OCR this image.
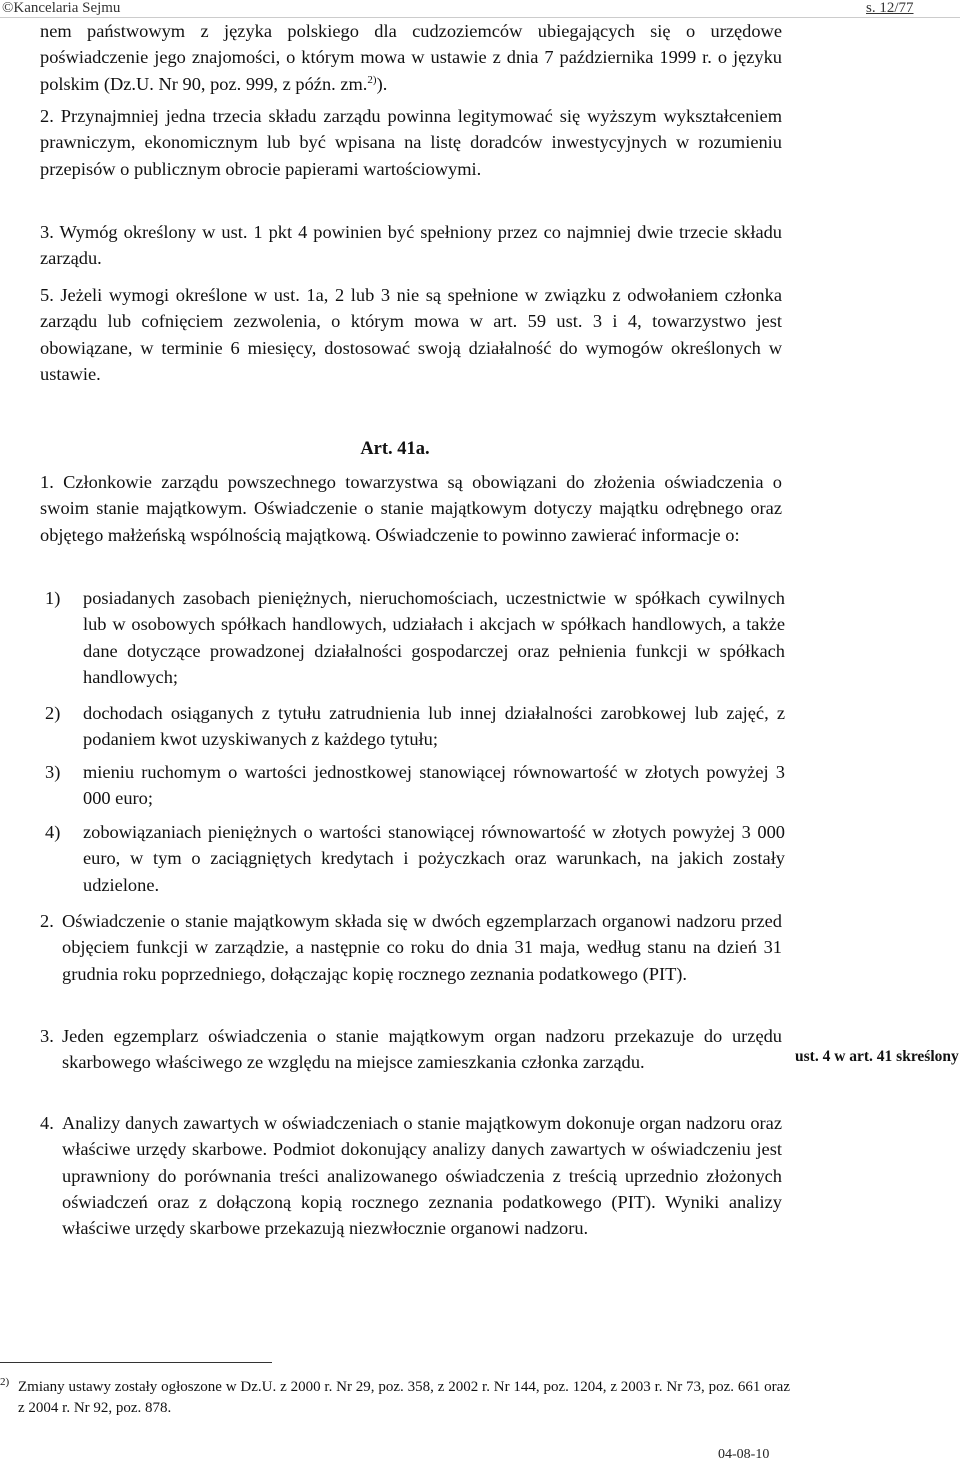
©Kancelaria Sejmu	s. 12/77

nem państwowym z języka polskiego dla cudzoziemców ubiegających się o urzędowe poświadczenie jego znajomości, o którym mowa w ustawie z dnia 7 października 1999 r. o języku polskim (Dz.U. Nr 90, poz. 999, z późn. zm.$^{2)}$).

2. Przynajmniej jedna trzecia składu zarządu powinna legitymować się wyższym wykształceniem prawniczym, ekonomicznym lub być wpisana na listę doradców inwestycyjnych w rozumieniu przepisów o publicznym obrocie papierami wartościowymi.

3. Wymóg określony w ust. 1 pkt 4 powinien być spełniony przez co najmniej dwie trzecie składu zarządu.

5. Jeżeli wymogi określone w ust. 1a, 2 lub 3 nie są spełnione w związku z odwołaniem członka zarządu lub cofnięciem zezwolenia, o którym mowa w art. 59 ust. 3 i 4, towarzystwo jest obowiązane, w terminie 6 miesięcy, dostosować swoją działalność do wymogów określonych w ustawie.

Art. 41a.
1. Członkowie zarządu powszechnego towarzystwa są obowiązani do złożenia oświadczenia o swoim stanie majątkowym. Oświadczenie o stanie majątkowym dotyczy majątku odrębnego oraz objętego małżeńską wspólnością majątkową. Oświadczenie to powinno zawierać informacje o:
1) posiadanych zasobach pieniężnych, nieruchomościach, uczestnictwie w spółkach cywilnych lub w osobowych spółkach handlowych, udziałach i akcjach w spółkach handlowych, a także dane dotyczące prowadzonej działalności gospodarczej oraz pełnienia funkcji w spółkach handlowych;
2) dochodach osiąganych z tytułu zatrudnienia lub innej działalności zarobkowej lub zajęć, z podaniem kwot uzyskiwanych z każdego tytułu;
3) mieniu ruchomym o wartości jednostkowej stanowiącej równowartość w złotych powyżej 3 000 euro;
4) zobowiązaniach pieniężnych o wartości stanowiącej równowartość w złotych powyżej 3 000 euro, w tym o zaciągniętych kredytach i pożyczkach oraz warunkach, na jakich zostały udzielone.
2. Oświadczenie o stanie majątkowym składa się w dwóch egzemplarzach organowi nadzoru przed objęciem funkcji w zarządzie, a następnie co roku do dnia 31 maja, według stanu na dzień 31 grudnia roku poprzedniego, dołączając kopię rocznego zeznania podatkowego (PIT).
3. Jeden egzemplarz oświadczenia o stanie majątkowym organ nadzoru przekazuje do urzędu skarbowego właściwego ze względu na miejsce zamieszkania członka zarządu.	ust. 4 w art. 41 skreślony
4. Analizy danych zawartych w oświadczeniach o stanie majątkowym dokonuje organ nadzoru oraz właściwe urzędy skarbowe. Podmiot dokonujący analizy danych zawartych w oświadczeniu jest uprawniony do porównania treści analizowanego oświadczenia z treścią uprzednio złożonych oświadczeń oraz z dołączoną kopią rocznego zeznania podatkowego (PIT). Wyniki analizy właściwe urzędy skarbowe przekazują niezwłocznie organowi nadzoru.
2) Zmiany ustawy zostały ogłoszone w Dz.U. z 2000 r. Nr 29, poz. 358, z 2002 r. Nr 144, poz. 1204, z 2003 r. Nr 73, poz. 661 oraz z 2004 r. Nr 92, poz. 878.
04-08-10
